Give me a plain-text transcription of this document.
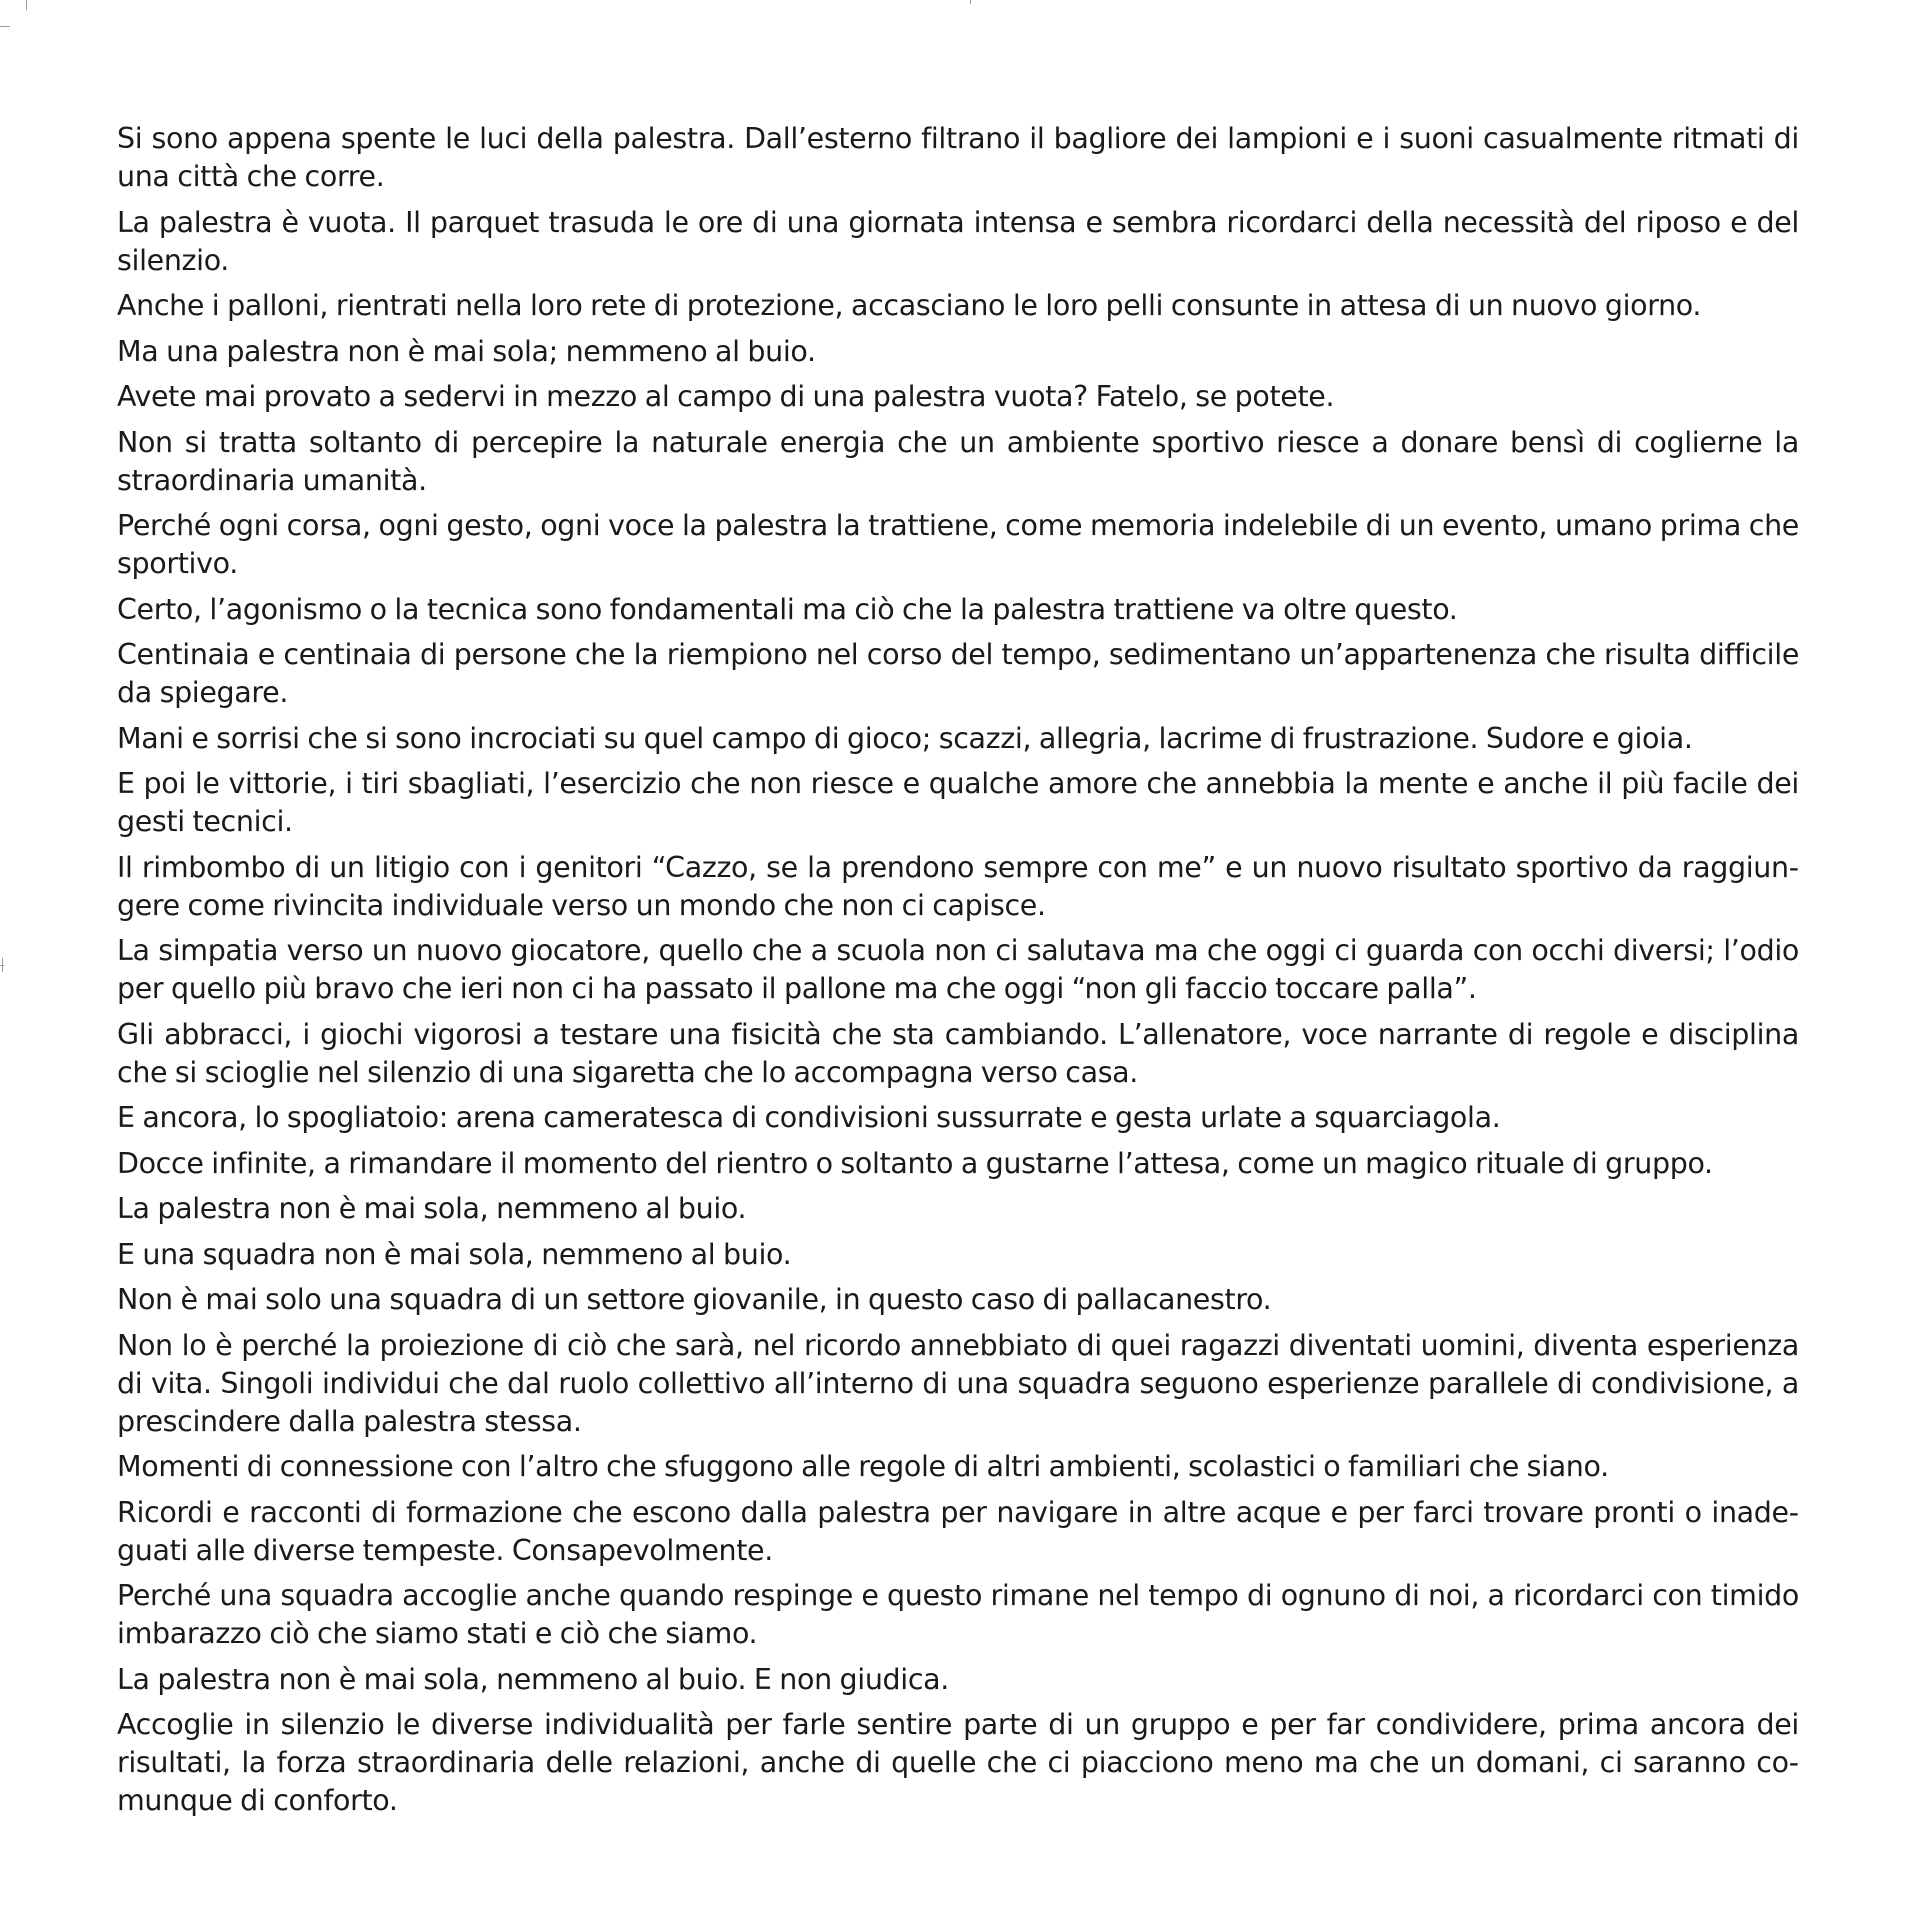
Si sono appena spente le luci della palestra. Dall’esterno filtrano il bagliore dei lampioni e i suoni casualmente ritmati di una città che corre.

La palestra è vuota. Il parquet trasuda le ore di una giornata intensa e sembra ricordarci della necessità del riposo e del silenzio.

Anche i palloni, rientrati nella loro rete di protezione, accasciano le loro pelli consunte in attesa di un nuovo giorno.

Ma una palestra non è mai sola; nemmeno al buio.

Avete mai provato a sedervi in mezzo al campo di una palestra vuota? Fatelo, se potete.

Non si tratta soltanto di percepire la naturale energia che un ambiente sportivo riesce a donare bensì di coglierne la straordinaria umanità.

Perché ogni corsa, ogni gesto, ogni voce la palestra la trattiene, come memoria indelebile di un evento, umano prima che sportivo.

Certo, l’agonismo o la tecnica sono fondamentali ma ciò che la palestra trattiene va oltre questo.

Centinaia e centinaia di persone che la riempiono nel corso del tempo, sedimentano un’appartenenza che risulta difficile da spiegare.

Mani e sorrisi che si sono incrociati su quel campo di gioco; scazzi, allegria, lacrime di frustrazione. Sudore e gioia.

E poi le vittorie, i tiri sbagliati, l’esercizio che non riesce e qualche amore che annebbia la mente e anche il più facile dei gesti tecnici.

Il rimbombo di un litigio con i genitori “Cazzo, se la prendono sempre con me” e un nuovo risultato sportivo da raggiungere come rivincita individuale verso un mondo che non ci capisce.

La simpatia verso un nuovo giocatore, quello che a scuola non ci salutava ma che oggi ci guarda con occhi diversi; l’odio per quello più bravo che ieri non ci ha passato il pallone ma che oggi “non gli faccio toccare palla”.

Gli abbracci, i giochi vigorosi a testare una fisicità che sta cambiando. L’allenatore, voce narrante di regole e disciplina che si scioglie nel silenzio di una sigaretta che lo accompagna verso casa.

E ancora, lo spogliatoio: arena cameratesca di condivisioni sussurrate e gesta urlate a squarciagola.

Docce infinite, a rimandare il momento del rientro o soltanto a gustarne l’attesa, come un magico rituale di gruppo.

La palestra non è mai sola, nemmeno al buio.

E una squadra non è mai sola, nemmeno al buio.

Non è mai solo una squadra di un settore giovanile, in questo caso di pallacanestro.

Non lo è perché la proiezione di ciò che sarà, nel ricordo annebbiato di quei ragazzi diventati uomini, diventa esperienza di vita. Singoli individui che dal ruolo collettivo all’interno di una squadra seguono esperienze parallele di condivisione, a prescindere dalla palestra stessa.

Momenti di connessione con l’altro che sfuggono alle regole di altri ambienti, scolastici o familiari che siano.

Ricordi e racconti di formazione che escono dalla palestra per navigare in altre acque e per farci trovare pronti o inadeguati alle diverse tempeste. Consapevolmente.

Perché una squadra accoglie anche quando respinge e questo rimane nel tempo di ognuno di noi, a ricordarci con timido imbarazzo ciò che siamo stati e ciò che siamo.

La palestra non è mai sola, nemmeno al buio. E non giudica.

Accoglie in silenzio le diverse individualità per farle sentire parte di un gruppo e per far condividere, prima ancora dei risultati, la forza straordinaria delle relazioni, anche di quelle che ci piacciono meno ma che un domani, ci saranno comunque di conforto.
